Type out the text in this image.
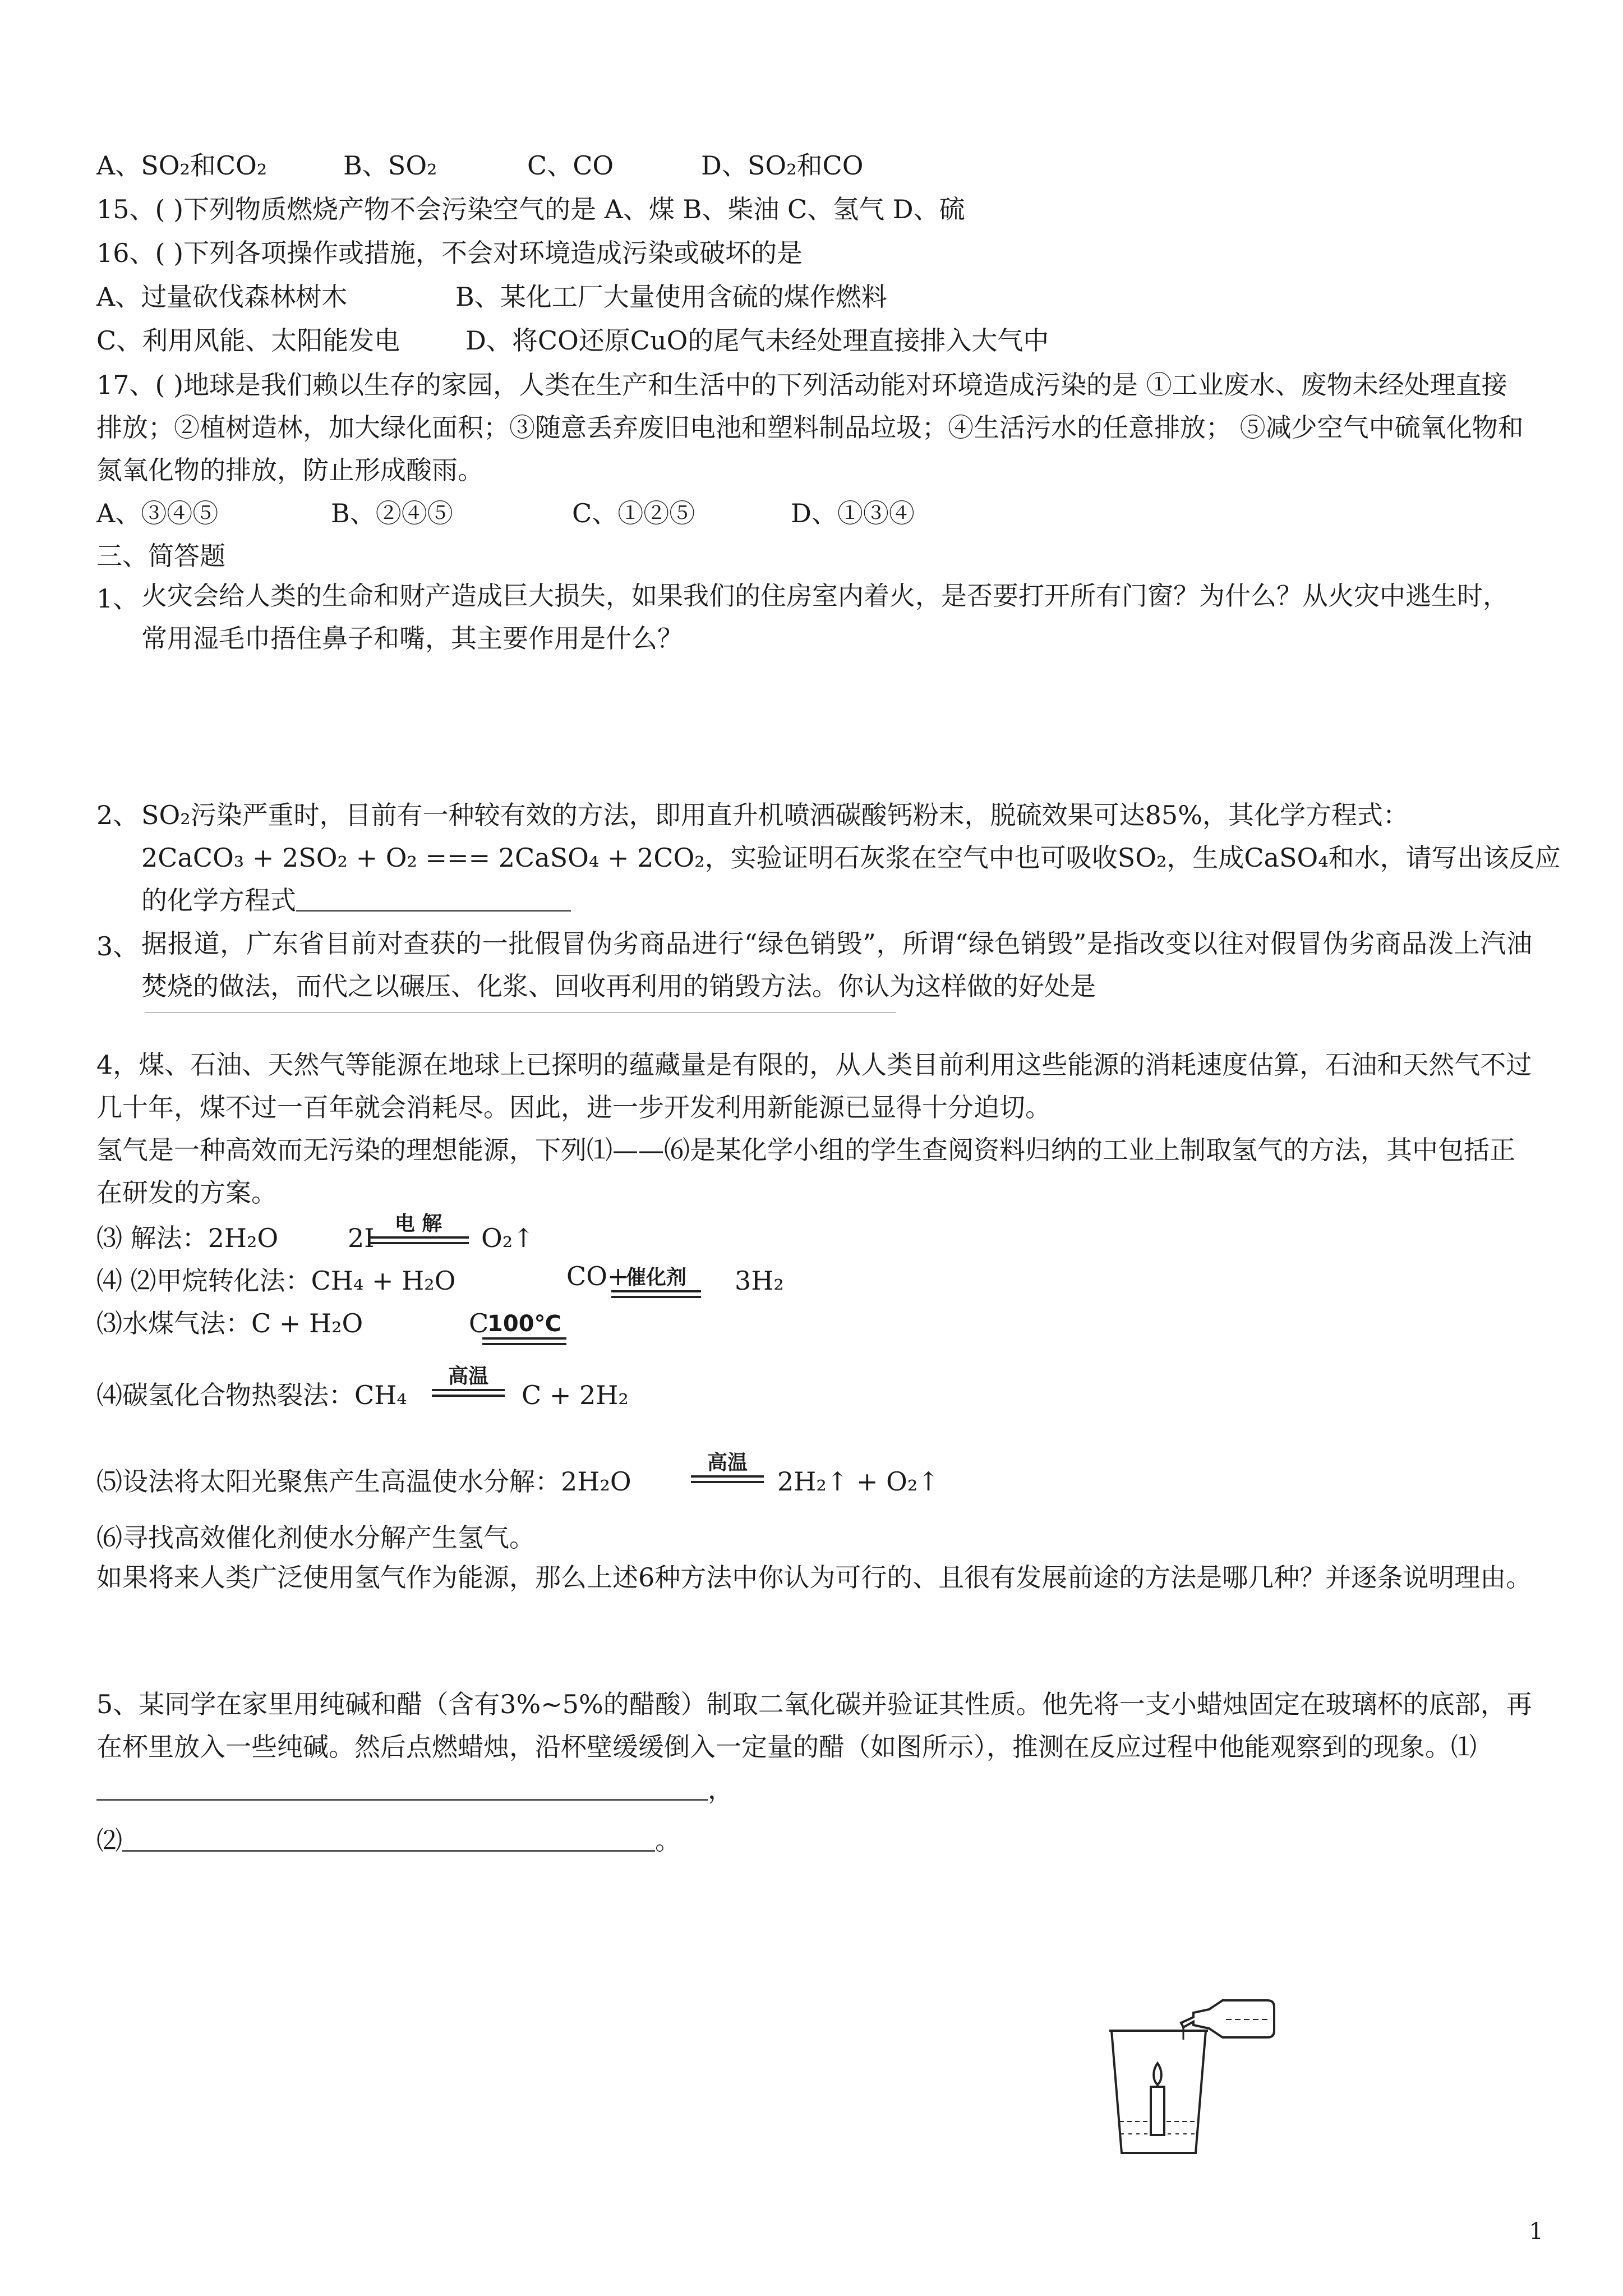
A、SO₂和CO₂	B、SO₂	C、CO	D、SO₂和CO
15、( )下列物质燃烧产物不会污染空气的是 A、煤 B、柴油 C、氢气 D、硫
16、( )下列各项操作或措施，不会对环境造成污染或破坏的是
A、过量砍伐森林树木	B、某化工厂大量使用含硫的煤作燃料
C、利用风能、太阳能发电	D、将CO还原CuO的尾气未经处理直接排入大气中
17、( )地球是我们赖以生存的家园，人类在生产和生活中的下列活动能对环境造成污染的是 ①工业废水、废物未经处理直接排放；②植树造林，加大绿化面积；③随意丢弃废旧电池和塑料制品垃圾；④生活污水的任意排放； ⑤减少空气中硫氧化物和氮氧化物的排放，防止形成酸雨。
A、③④⑤	B、②④⑤	C、①②⑤	D、①③④
三、简答题
1、 火灾会给人类的生命和财产造成巨大损失，如果我们的住房室内着火，是否要打开所有门窗？为什么？从火灾中逃生时，常用湿毛巾捂住鼻子和嘴，其主要作用是什么？
2、 SO₂污染严重时，目前有一种较有效的方法，即用直升机喷洒碳酸钙粉末，脱硫效果可达85%，其化学方程式：
2CaCO₃ + 2SO₂ + O₂ === 2CaSO₄ + 2CO₂，实验证明石灰浆在空气中也可吸收SO₂，生成CaSO₄和水，请写出该反应
的化学方程式
3、 据报道，广东省目前对查获的一批假冒伪劣商品进行“绿色销毁”，所谓“绿色销毁”是指改变以往对假冒伪劣商品泼上汽油焚烧的做法，而代之以碾压、化浆、回收再利用的销毁方法。你认为这样做的好处是
4，煤、石油、天然气等能源在地球上已探明的蕴藏量是有限的，从人类目前利用这些能源的消耗速度估算，石油和天然气不过几十年，煤不过一百年就会消耗尽。因此，进一步开发利用新能源已显得十分迫切。
氢气是一种高效而无污染的理想能源，下列⑴——⑹是某化学小组的学生查阅资料归纳的工业上制取氢气的方法，其中包括正在研发的方案。
⑶ 解法：2H₂O	2I	电 解	O₂↑
⑷ ⑵甲烷转化法：CH₄ + H₂O	CO+
催化剂	3H₂
⑶水煤气法：C + H₂O	C
100℃
⑷碳氢化合物热裂法：CH₄
高温
C + 2H₂
⑸设法将太阳光聚焦产生高温使水分解：2H₂O
高温
2H₂↑ + O₂↑
⑹寻找高效催化剂使水分解产生氢气。
如果将来人类广泛使用氢气作为能源，那么上述6种方法中你认为可行的、且很有发展前途的方法是哪几种？并逐条说明理由。
5、某同学在家里用纯碱和醋（含有3%~5%的醋酸）制取二氧化碳并验证其性质。他先将一支小蜡烛固定在玻璃杯的底部，再在杯里放入一些纯碱。然后点燃蜡烛，沿杯壁缓缓倒入一定量的醋（如图所示），推测在反应过程中他能观察到的现象。⑴，
⑵	。
1
